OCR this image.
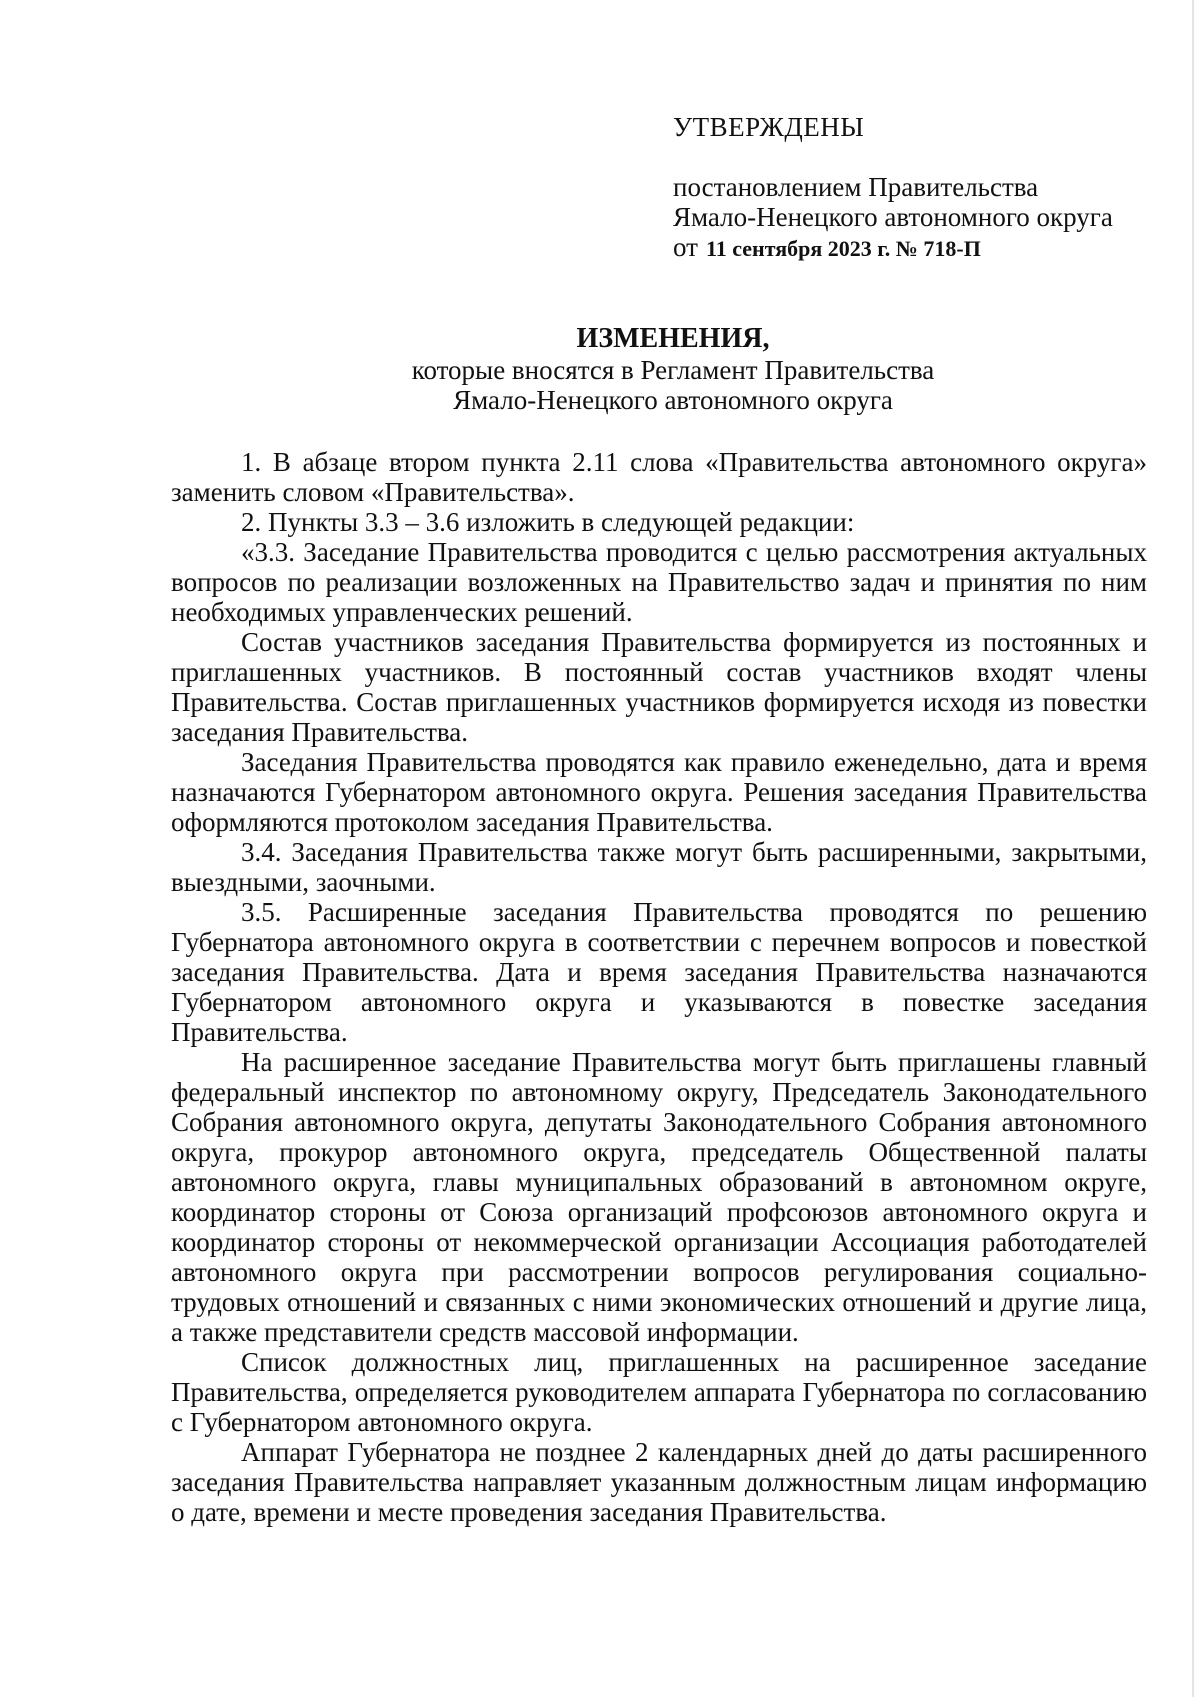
УТВЕРЖДЕНЫ
постановлением Правительства
Ямало-Ненецкого автономного округа
от 11 сентября 2023 г. № 718-П
ИЗМЕНЕНИЯ,
которые вносятся в Регламент Правительства
Ямало-Ненецкого автономного округа

1. В абзаце втором пункта 2.11 слова «Правительства автономного округа» заменить словом «Правительства».

2. Пункты 3.3 – 3.6 изложить в следующей редакции:

«3.3. Заседание Правительства проводится с целью рассмотрения актуальных вопросов по реализации возложенных на Правительство задач и принятия по ним необходимых управленческих решений.

Состав участников заседания Правительства формируется из постоянных и приглашенных участников. В постоянный состав участников входят члены Правительства. Состав приглашенных участников формируется исходя из повестки заседания Правительства.

Заседания Правительства проводятся как правило еженедельно, дата и время назначаются Губернатором автономного округа. Решения заседания Правительства оформляются протоколом заседания Правительства.

3.4. Заседания Правительства также могут быть расширенными, закрытыми, выездными, заочными.

3.5. Расширенные заседания Правительства проводятся по решению Губернатора автономного округа в соответствии с перечнем вопросов и повесткой заседания Правительства. Дата и время заседания Правительства назначаются Губернатором автономного округа и указываются в повестке заседания Правительства.

На расширенное заседание Правительства могут быть приглашены главный федеральный инспектор по автономному округу, Председатель Законодательного Собрания автономного округа, депутаты Законодательного Собрания автономного округа, прокурор автономного округа, председатель Общественной палаты автономного округа, главы муниципальных образований в автономном округе, координатор стороны от Союза организаций профсоюзов автономного округа и координатор стороны от некоммерческой организации Ассоциация работодателей автономного округа при рассмотрении вопросов регулирования социально-трудовых отношений и связанных с ними экономических отношений и другие лица, а также представители средств массовой информации.

Список должностных лиц, приглашенных на расширенное заседание Правительства, определяется руководителем аппарата Губернатора по согласованию с Губернатором автономного округа.

Аппарат Губернатора не позднее 2 календарных дней до даты расширенного заседания Правительства направляет указанным должностным лицам информацию о дате, времени и месте проведения заседания Правительства.
